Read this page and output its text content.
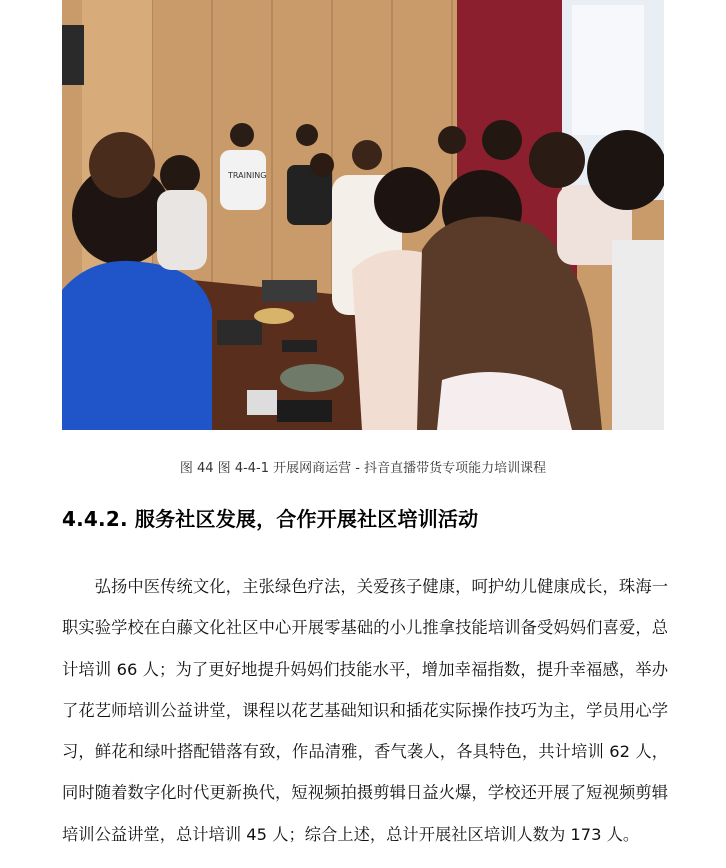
TRAINING
图 44 图 4-4-1 开展网商运营 - 抖音直播带货专项能力培训课程
4.4.2. 服务社区发展，合作开展社区培训活动

弘扬中医传统文化，主张绿色疗法，关爱孩子健康，呵护幼儿健康成长，珠海一职实验学校在白藤文化社区中心开展零基础的小儿推拿技能培训备受妈妈们喜爱，总计培训 66 人；为了更好地提升妈妈们技能水平，增加幸福指数，提升幸福感，举办了花艺师培训公益讲堂，课程以花艺基础知识和插花实际操作技巧为主，学员用心学习，鲜花和绿叶搭配错落有致，作品清雅，香气袭人，各具特色，共计培训 62 人，同时随着数字化时代更新换代，短视频拍摄剪辑日益火爆，学校还开展了短视频剪辑培训公益讲堂，总计培训 45 人；综合上述，总计开展社区培训人数为 173 人。
